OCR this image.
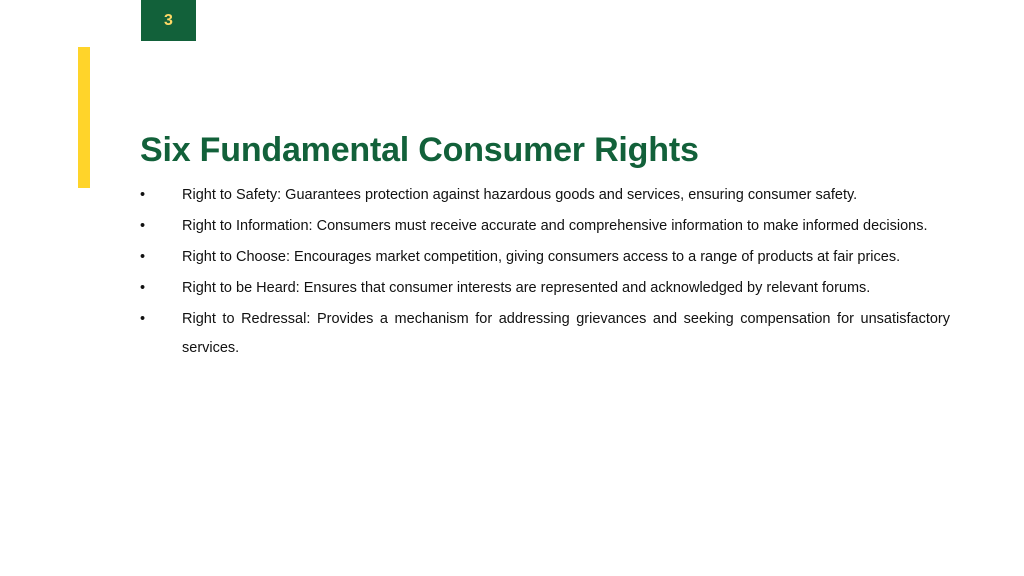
3
Six Fundamental Consumer Rights
•	Right to Safety: Guarantees protection against hazardous goods and services, ensuring consumer safety.
•	Right to Information: Consumers must receive accurate and comprehensive information to make informed decisions.
•	Right to Choose: Encourages market competition, giving consumers access to a range of products at fair prices.
•	Right to be Heard: Ensures that consumer interests are represented and acknowledged by relevant forums.
•	Right to Redressal: Provides a mechanism for addressing grievances and seeking compensation for unsatisfactory services.
